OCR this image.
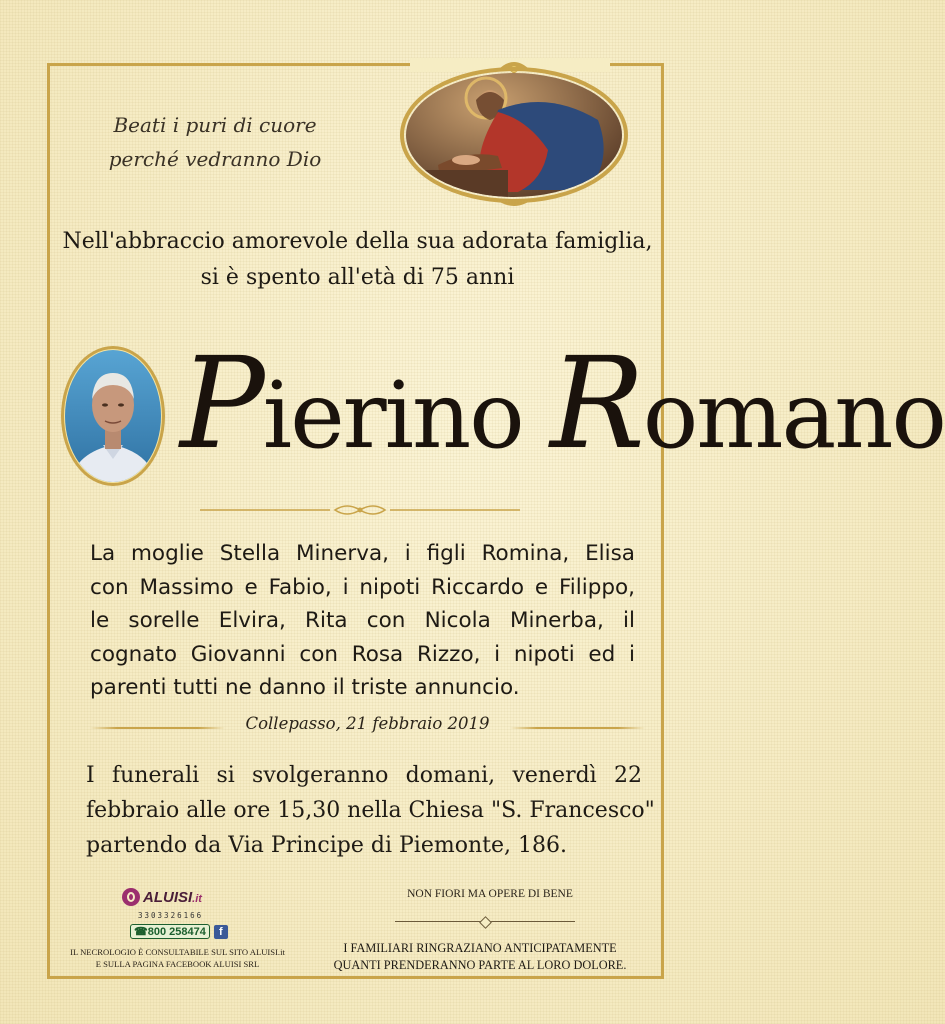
Beati i puri di cuore
perché vedranno Dio
Nell'abbraccio amorevole della sua adorata famiglia,
si è spento all'età di 75 anni
Pierino Romano
La moglie Stella Minerva, i figli Romina, Elisa
con Massimo e Fabio, i nipoti Riccardo e Filippo,
le sorelle Elvira, Rita con Nicola Minerba, il
cognato Giovanni con Rosa Rizzo, i nipoti ed i
parenti tutti ne danno il triste annuncio.
Collepasso, 21 febbraio 2019
I funerali si svolgeranno domani, venerdì 22
febbraio alle ore 15,30 nella Chiesa "S. Francesco"
partendo da Via Principe di Piemonte, 186.
ALUISI.it
3303326166
☎ 800 258474	f
IL NECROLOGIO È CONSULTABILE SUL SITO ALUISI.it
E SULLA PAGINA FACEBOOK ALUISI SRL
NON FIORI MA OPERE DI BENE
I FAMILIARI RINGRAZIANO ANTICIPATAMENTE
QUANTI PRENDERANNO PARTE AL LORO DOLORE.
